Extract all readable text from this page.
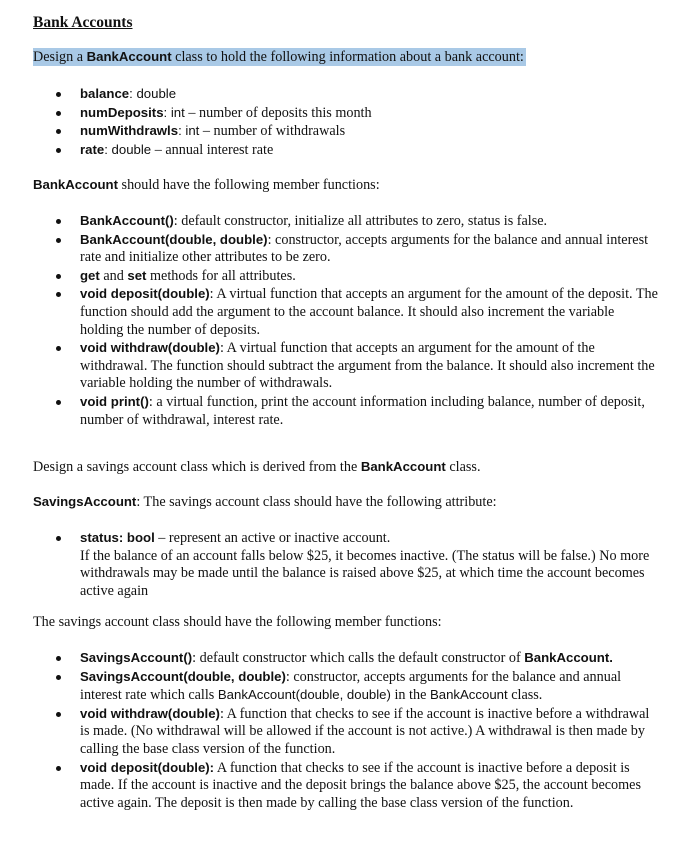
Bank Accounts

Design a BankAccount class to hold the following information about a bank account:

balance: double
numDeposits: int – number of deposits this month
numWithdrawls: int – number of withdrawals
rate: double – annual interest rate

BankAccount should have the following member functions:

BankAccount(): default constructor, initialize all attributes to zero, status is false.
BankAccount(double, double): constructor, accepts arguments for the balance and annual interest rate and initialize other attributes to be zero.
get and set methods for all attributes.
void deposit(double): A virtual function that accepts an argument for the amount of the deposit. The function should add the argument to the account balance. It should also increment the variable holding the number of deposits.
void withdraw(double): A virtual function that accepts an argument for the amount of the withdrawal. The function should subtract the argument from the balance. It should also increment the variable holding the number of withdrawals.
void print(): a virtual function, print the account information including balance, number of deposit, number of withdrawal, interest rate.

Design a savings account class which is derived from the BankAccount class.

SavingsAccount: The savings account class should have the following attribute:

status: bool – represent an active or inactive account.
If the balance of an account falls below $25, it becomes inactive. (The status will be false.) No more withdrawals may be made until the balance is raised above $25, at which time the account becomes active again

The savings account class should have the following member functions:

SavingsAccount(): default constructor which calls the default constructor of BankAccount.
SavingsAccount(double, double): constructor, accepts arguments for the balance and annual interest rate which calls BankAccount(double, double) in the BankAccount class.
void withdraw(double): A function that checks to see if the account is inactive before a withdrawal is made. (No withdrawal will be allowed if the account is not active.) A withdrawal is then made by calling the base class version of the function.
void deposit(double): A function that checks to see if the account is inactive before a deposit is made. If the account is inactive and the deposit brings the balance above $25, the account becomes active again. The deposit is then made by calling the base class version of the function.
